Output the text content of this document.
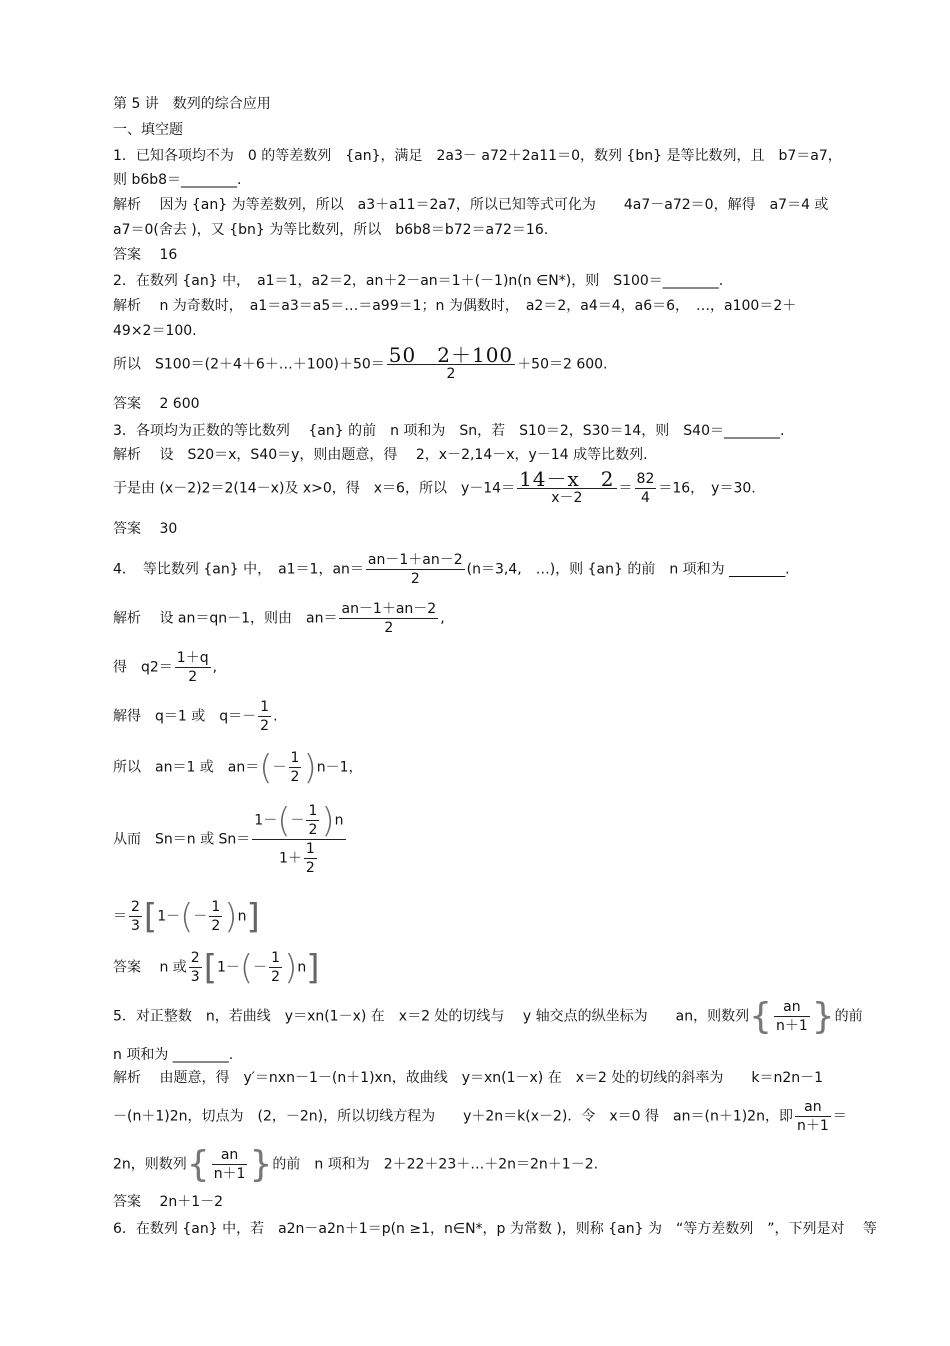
第 5 讲　数列的综合应用
一、填空题
1．已知各项均不为　0 的等差数列　{an}，满足　2a3－ a72＋2a11＝0，数列 {bn} 是等比数列，且　b7＝a7，
则 b6b8＝________.
解析　 因为 {an} 为等差数列，所以　a3＋a11＝2a7，所以已知等式可化为　　4a7－a72＝0，解得　a7＝4 或
a7＝0(舍去 )，又 {bn} 为等比数列，所以　b6b8＝b72＝a72＝16.
答案　 16
2．在数列 {an} 中，　a1＝1，a2＝2，an＋2－an＝1＋(－1)n(n ∈N*)，则　S100＝________.
解析　 n 为奇数时，　a1＝a3＝a5＝…＝a99＝1；n 为偶数时，　a2＝2，a4＝4，a6＝6，　…，a100＝2＋
49×2＝100.
所以　S100＝(2＋4＋6＋…＋100)＋50＝ $\frac{50 2+100}{2} +50=2$ 600.
答案　 2 600
3．各项均为正数的等比数列　 {an} 的前　n 项和为　Sn，若　S10＝2，S30＝14，则　S40＝________.
解析　 设　S20＝x，S40＝y，则由题意，得　 2，x－2,14－x，y－14 成等比数列.
于是由 (x－2)2＝2(14－x)及 x>0，得　x＝6，所以　$y-14= \frac{14-x 2}{x-2} = \frac{82}{4} =16$，　y＝30.
答案　 30
4．　等比数列 {an} 中，　a1＝1，$an= \frac{an-1+an-2}{2} (n=3,4$,　…)，则 {an} 的前　n 项和为 ________.
解析　 设 an＝qn－1，则由　$an= \frac{an-1+an-2}{2}$ ,
得　$q2= \frac{1+q}{2}$ ,
解得　q＝1 或　$q=- \frac{1}{2}$ .
所以　an＝1 或　$an=(- \frac{1}{2} )n-1$，
从而　Sn＝n 或 $Sn= \frac{1-(- \frac{1}{2} )n}{1+ \frac{1}{2}}$
＝ $\frac{2}{3} [1-(- \frac{1}{2} )n]$
答案　 n 或 $\frac{2}{3} [1-(- \frac{1}{2} )n]$
5．对正整数　n，若曲线　y＝xn(1－x) 在　x＝2 处的切线与　 y 轴交点的纵坐标为　　an，则数列{ $\frac{an}{n+1}$ }的前
n 项和为 ________.
解析　 由题意，得　y′＝nxn－1－(n＋1)xn，故曲线　y＝xn(1－x) 在　x＝2 处的切线的斜率为　　k＝n2n－1
－(n＋1)2n，切点为　(2，－2n)，所以切线方程为　　y＋2n＝k(x－2)．令　x＝0 得　an＝(n＋1)2n，即 $\frac{an}{n+1}$ ＝
2n，则数列{ $\frac{an}{n+1}$ }的前　n 项和为　2＋22＋23＋…＋2n＝2n＋1－2.
答案　 2n＋1－2
6．在数列 {an} 中，若　a2n－a2n＋1＝p(n ≥1，n∈N*，p 为常数 )，则称 {an} 为　“等方差数列　”，下列是对　 等
